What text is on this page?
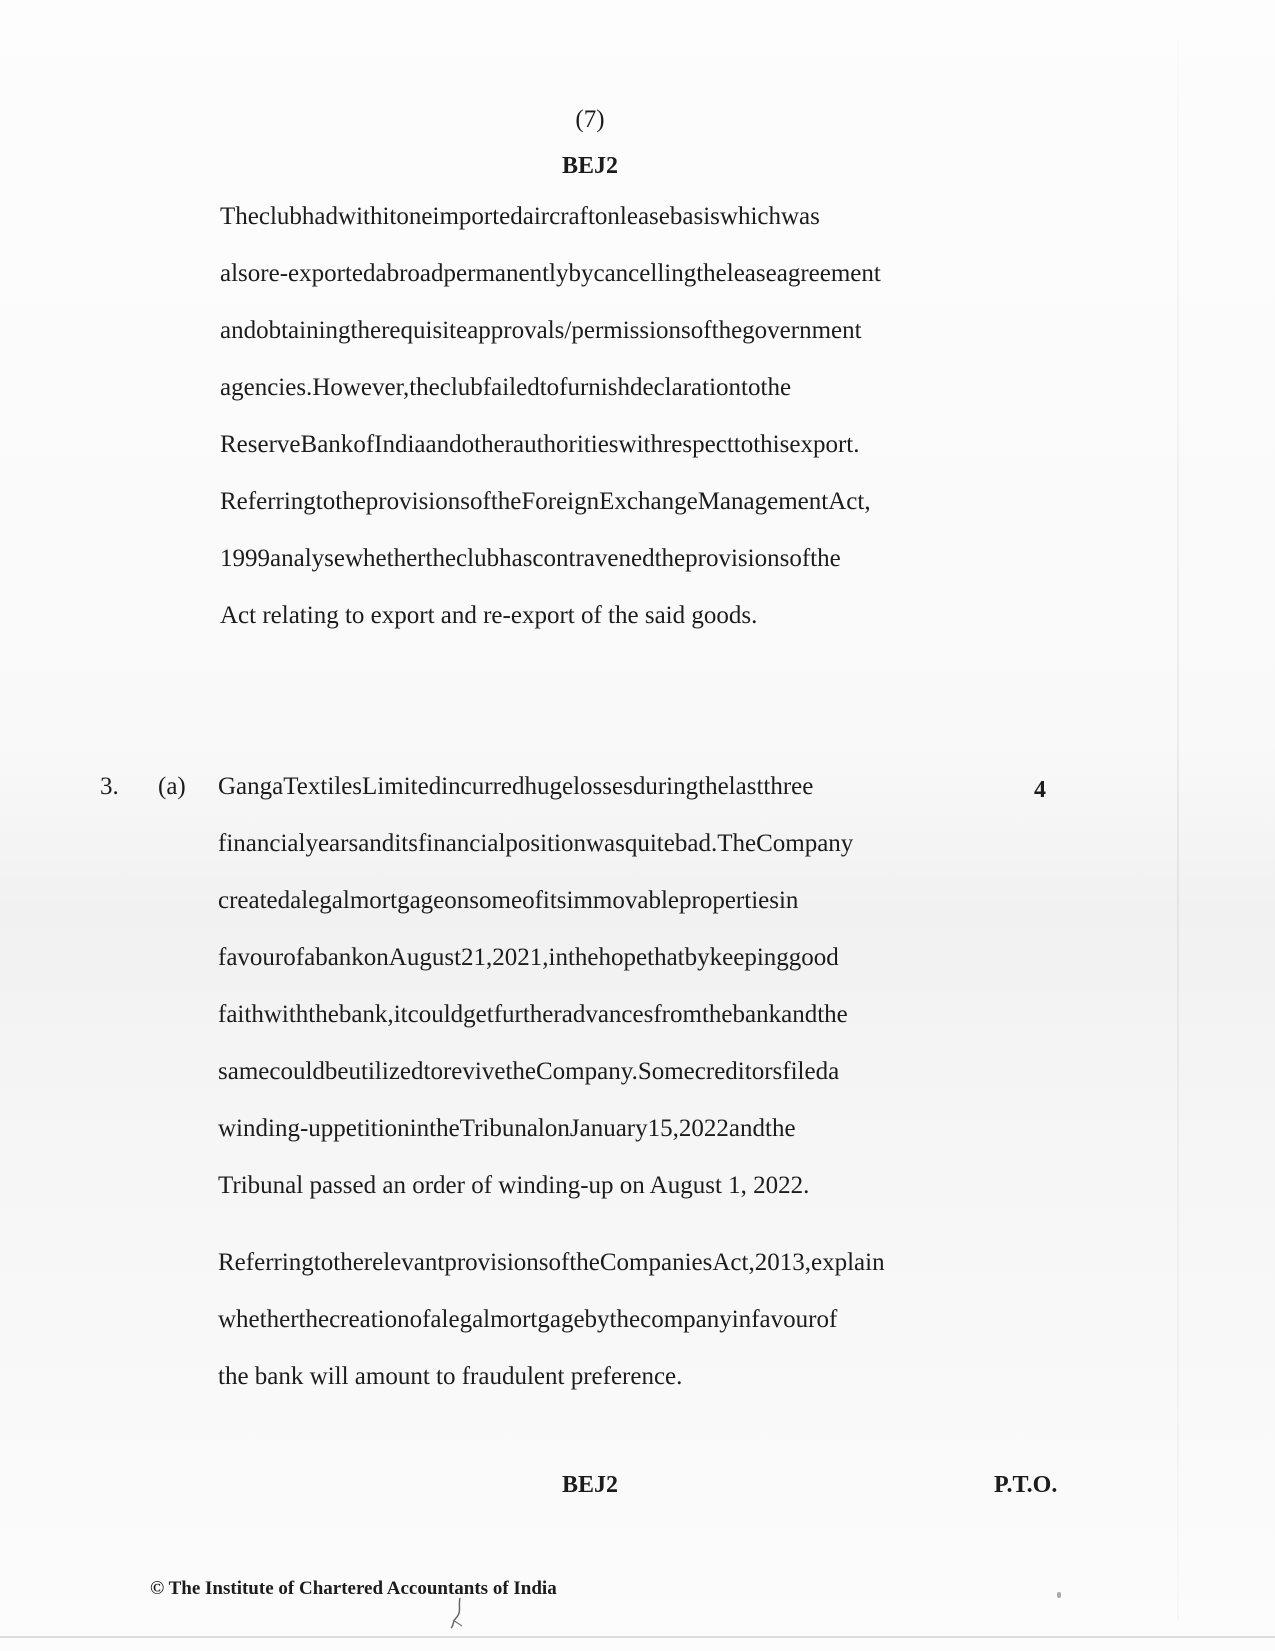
(7)
BEJ2
Theclubhadwithitoneimportedaircraftonleasebasiswhichwas
alsore-exportedabroadpermanentlybycancellingtheleaseagreement
andobtainingtherequisiteapprovals/permissionsofthegovernment
agencies.However,theclubfailedtofurnishdeclarationtothe
ReserveBankofIndiaandotherauthoritieswithrespecttothisexport.
ReferringtotheprovisionsoftheForeignExchangeManagementAct,
1999analysewhethertheclubhascontravenedtheprovisionsofthe
Act relating to export and re-export of the said goods.
3. (a)	4
GangaTextilesLimitedincurredhugelossesduringthelastthree
financialyearsanditsfinancialpositionwasquitebad.TheCompany
createdalegalmortgageonsomeofitsimmovablepropertiesin
favourofabankonAugust21,2021,inthehopethatbykeepinggood
faithwiththebank,itcouldgetfurtheradvancesfromthebankandthe
samecouldbeutilizedtorevivetheCompany.Somecreditorsfileda
winding-uppetitionintheTribunalonJanuary15,2022andthe
Tribunal passed an order of winding-up on August 1, 2022.
ReferringtotherelevantprovisionsoftheCompaniesAct,2013,explain
whetherthecreationofalegalmortgagebythecompanyinfavourof
the bank will amount to fraudulent preference.
BEJ2	P.T.O.
© The Institute of Chartered Accountants of India
